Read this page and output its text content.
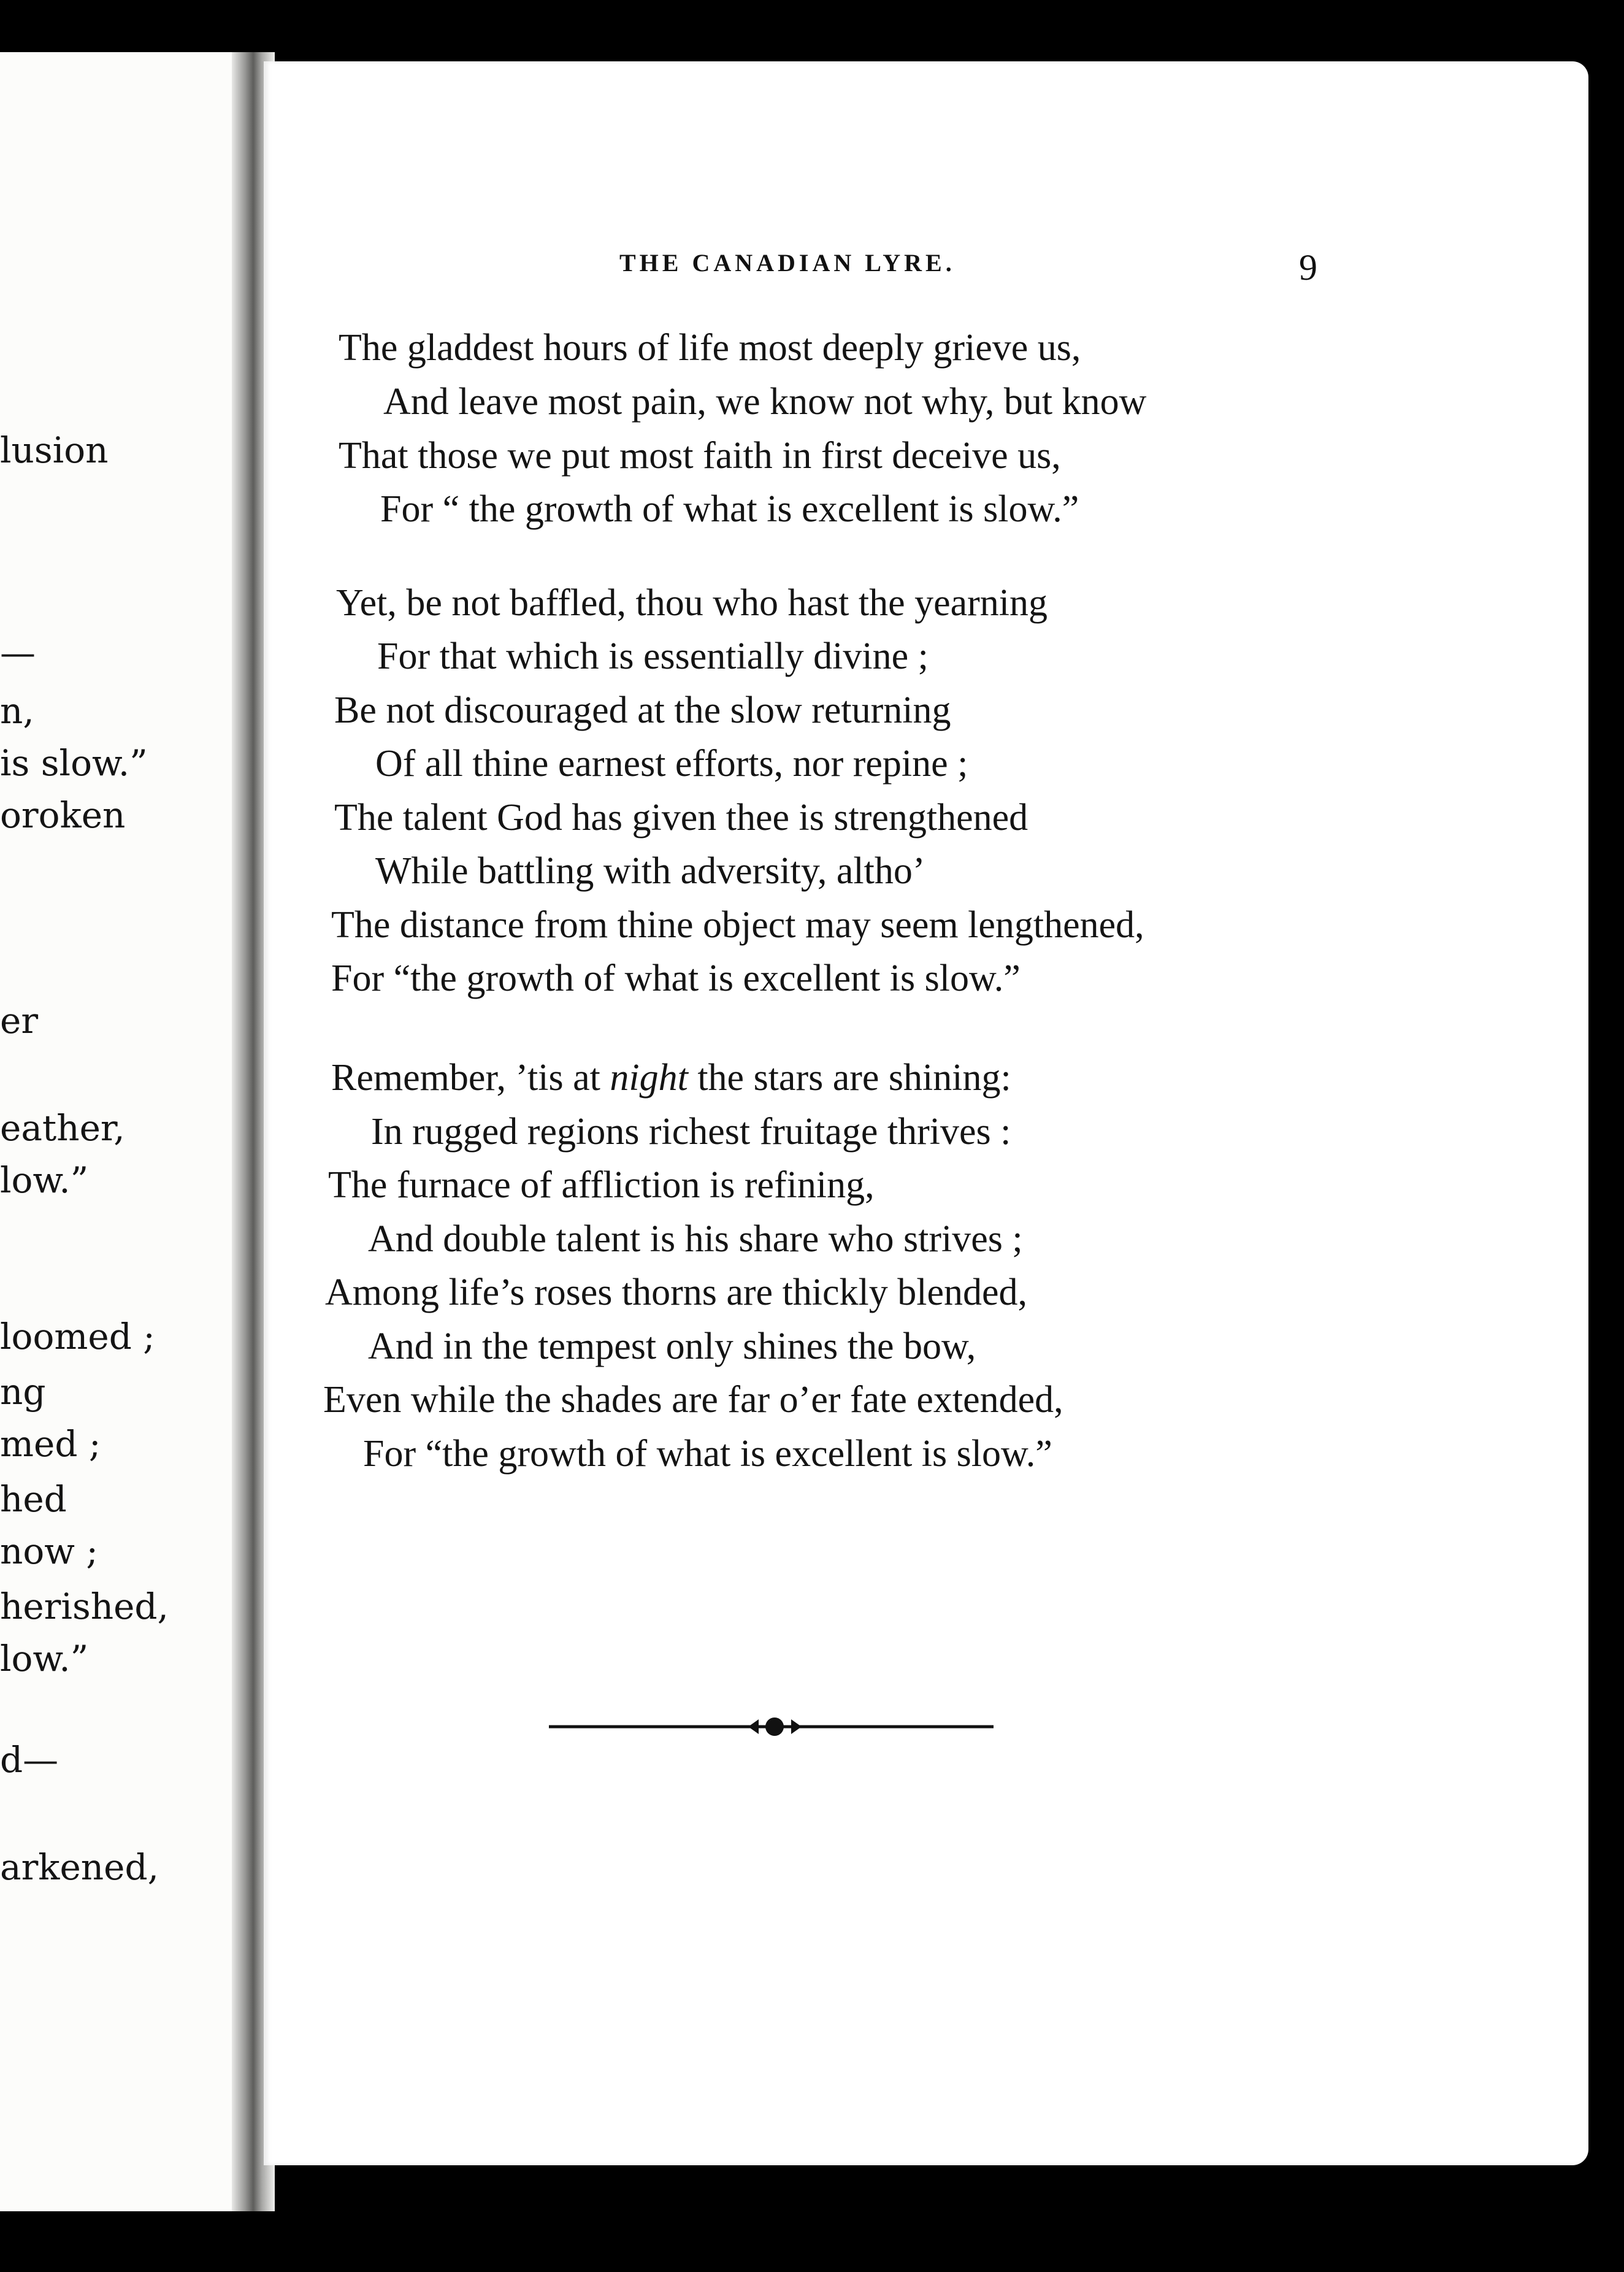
lusion
—
n,
is slow.”
oroken
er
eather,
low.”
loomed ;
ng
med ;
hed
now ;
herished,
low.”
d—
arkened,
THE CANADIAN LYRE.	9
The gladdest hours of life most deeply grieve us,
And leave most pain, we know not why, but know
That those we put most faith in first deceive us,
For “ the growth of what is excellent is slow.”
Yet, be not baffled, thou who hast the yearning
For that which is essentially divine ;
Be not discouraged at the slow returning
Of all thine earnest efforts, nor repine ;
The talent God has given thee is strengthened
While battling with adversity, altho’
The distance from thine object may seem lengthened,
For “the growth of what is excellent is slow.”
Remember, ’tis at night the stars are shining:
In rugged regions richest fruitage thrives :
The furnace of affliction is refining,
And double talent is his share who strives ;
Among life’s roses thorns are thickly blended,
And in the tempest only shines the bow,
Even while the shades are far o’er fate extended,
For “the growth of what is excellent is slow.”
